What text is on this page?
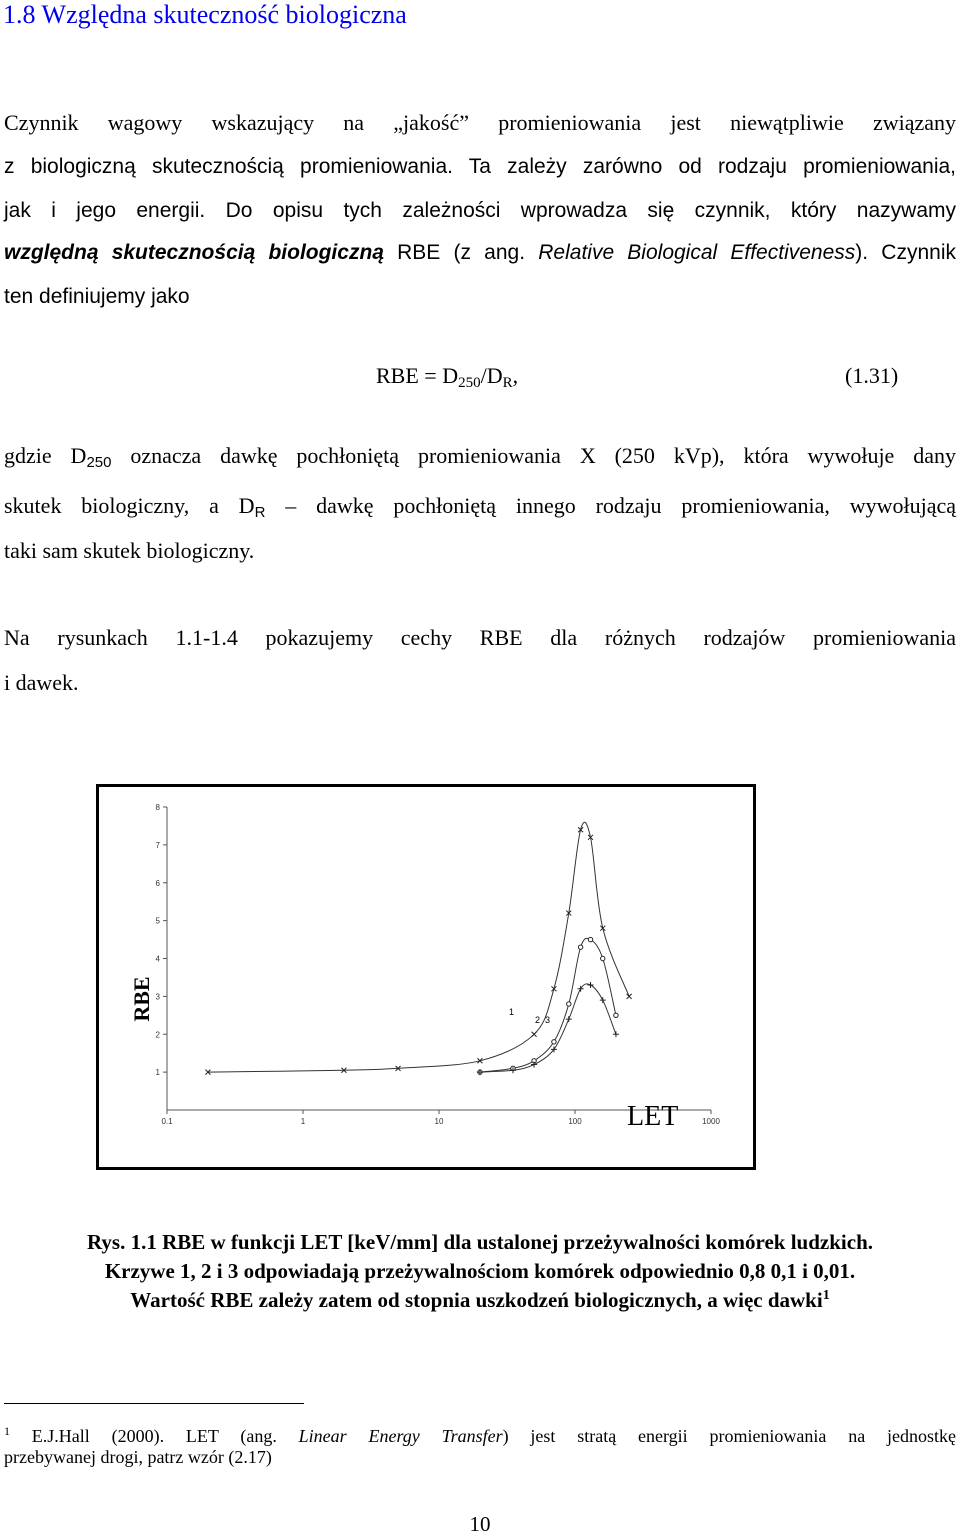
1.8 Względna skuteczność biologiczna
Czynnik wagowy wskazujący na „jakość” promieniowania jest niewątpliwie związany
z biologiczną skutecznością promieniowania. Ta zależy zarówno od rodzaju promieniowania,
jak i jego energii. Do opisu tych zależności wprowadza się czynnik, który nazywamy
względną skutecznością biologiczną RBE (z ang. Relative Biological Effectiveness). Czynnik
ten definiujemy jako
RBE = $D_{250}/D_R$,	(1.31)
gdzie $D_{250}$ oznacza dawkę pochłoniętą promieniowania X (250 kVp), która wywołuje dany
skutek biologiczny, a $D_R$ – dawkę pochłoniętą innego rodzaju promieniowania, wywołującą
taki sam skutek biologiczny.
Na rysunkach 1.1-1.4 pokazujemy cechy RBE dla różnych rodzajów promieniowania
i dawek.
1
2
3
4
5
6
7
8
0.1	1	10	100	1000
RBE
LET
1
2 3
Rys. 1.1 RBE w funkcji LET [keV/mm] dla ustalonej przeżywalności komórek ludzkich.
Krzywe 1, 2 i 3 odpowiadają przeżywalnościom komórek odpowiednio 0,8 0,1 i 0,01.
Wartość RBE zależy zatem od stopnia uszkodzeń biologicznych, a więc dawki$^1$
$^1$ E.J.Hall (2000). LET (ang. Linear Energy Transfer) jest stratą energii promieniowania na jednostkę
przebywanej drogi, patrz wzór (2.17)
10
